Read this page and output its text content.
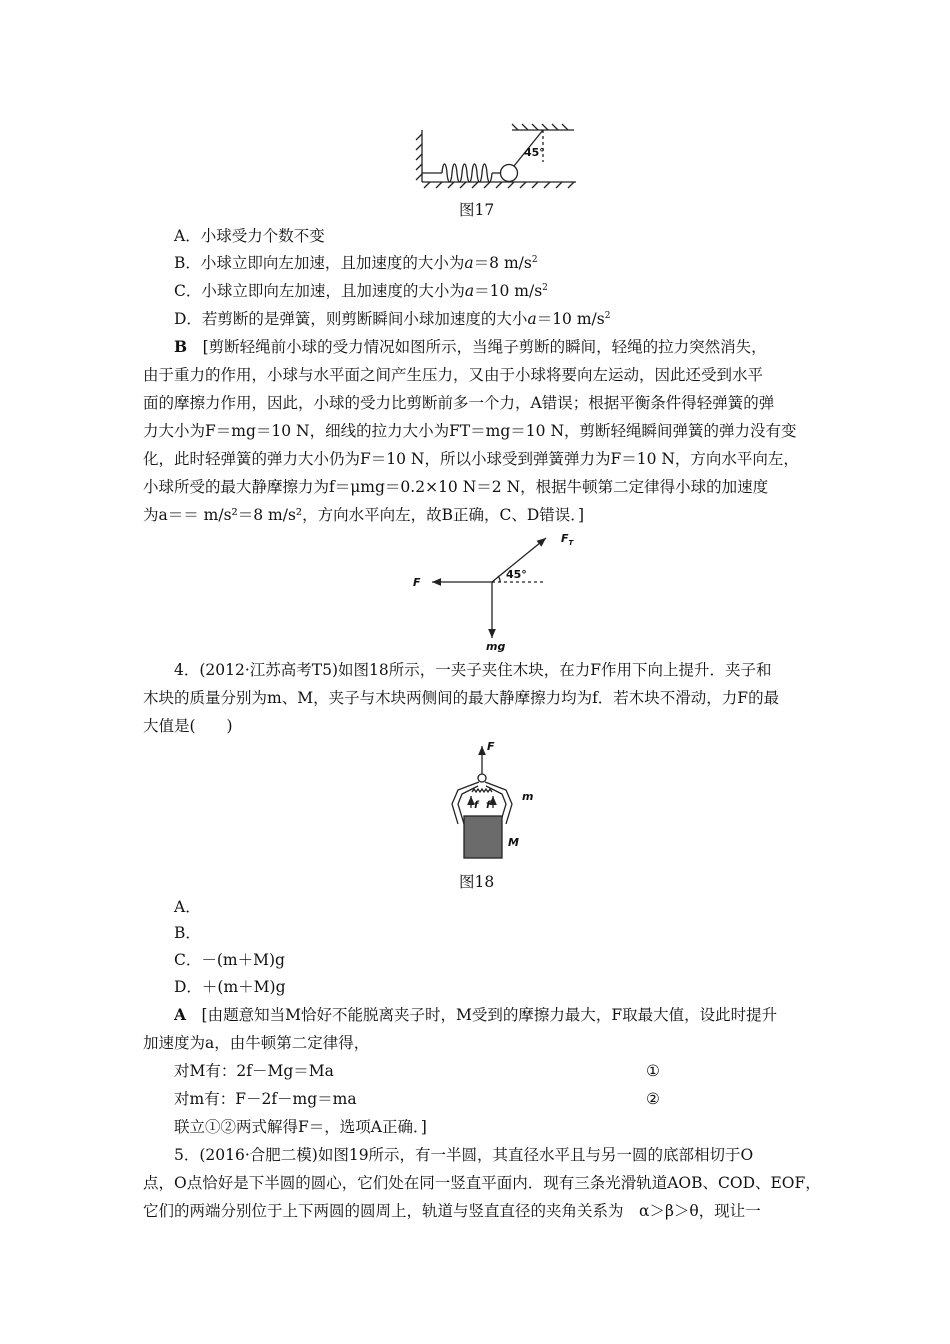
45°
图17
A．小球受力个数不变
B．小球立即向左加速，且加速度的大小为a＝8 $m/s^2$
C．小球立即向左加速，且加速度的大小为a＝10 $m/s^2$
D．若剪断的是弹簧，则剪断瞬间小球加速度的大小a＝10 $m/s^2$
B　 [剪断轻绳前小球的受力情况如图所示，当绳子剪断的瞬间，轻绳的拉力突然消失，
由于重力的作用，小球与水平面之间产生压力，又由于小球将要向左运动，因此还受到水平
面的摩擦力作用，因此，小球的受力比剪断前多一个力，A错误；根据平衡条件得轻弹簧的弹
力大小为F＝mg＝10 N，细线的拉力大小为FT＝mg＝10 N，剪断轻绳瞬间弹簧的弹力没有变
化，此时轻弹簧的弹力大小仍为F＝10 N，所以小球受到弹簧弹力为F＝10 N，方向水平向左，
小球所受的最大静摩擦力为f＝μmg＝0.2×10 N＝2 N，根据牛顿第二定律得小球的加速度
为a＝＝ m/s²＝8 m/s²，方向水平向左，故B正确，C、D错误．]
F
$F_T$
mg
45°
4．(2012·江苏高考T5)如图18所示，一夹子夹住木块，在力F作用下向上提升．夹子和
木块的质量分别为m、M，夹子与木块两侧间的最大静摩擦力均为f．若木块不滑动，力F的最
大值是(　　)
F
f f
m
M
图18
A．
B．
C．－(m＋M)g
D．＋(m＋M)g
A　 [由题意知当M恰好不能脱离夹子时，M受到的摩擦力最大，F取最大值，设此时提升
加速度为a，由牛顿第二定律得，
对M有：2f－Mg＝Ma	①
对m有：F－2f－mg＝ma	②
联立①②两式解得F＝，选项A正确．]
5．(2016·合肥二模)如图19所示，有一半圆，其直径水平且与另一圆的底部相切于O
点，O点恰好是下半圆的圆心，它们处在同一竖直平面内．现有三条光滑轨道AOB、COD、EOF，
它们的两端分别位于上下两圆的圆周上，轨道与竖直直径的夹角关系为　α＞β＞θ，现让一
